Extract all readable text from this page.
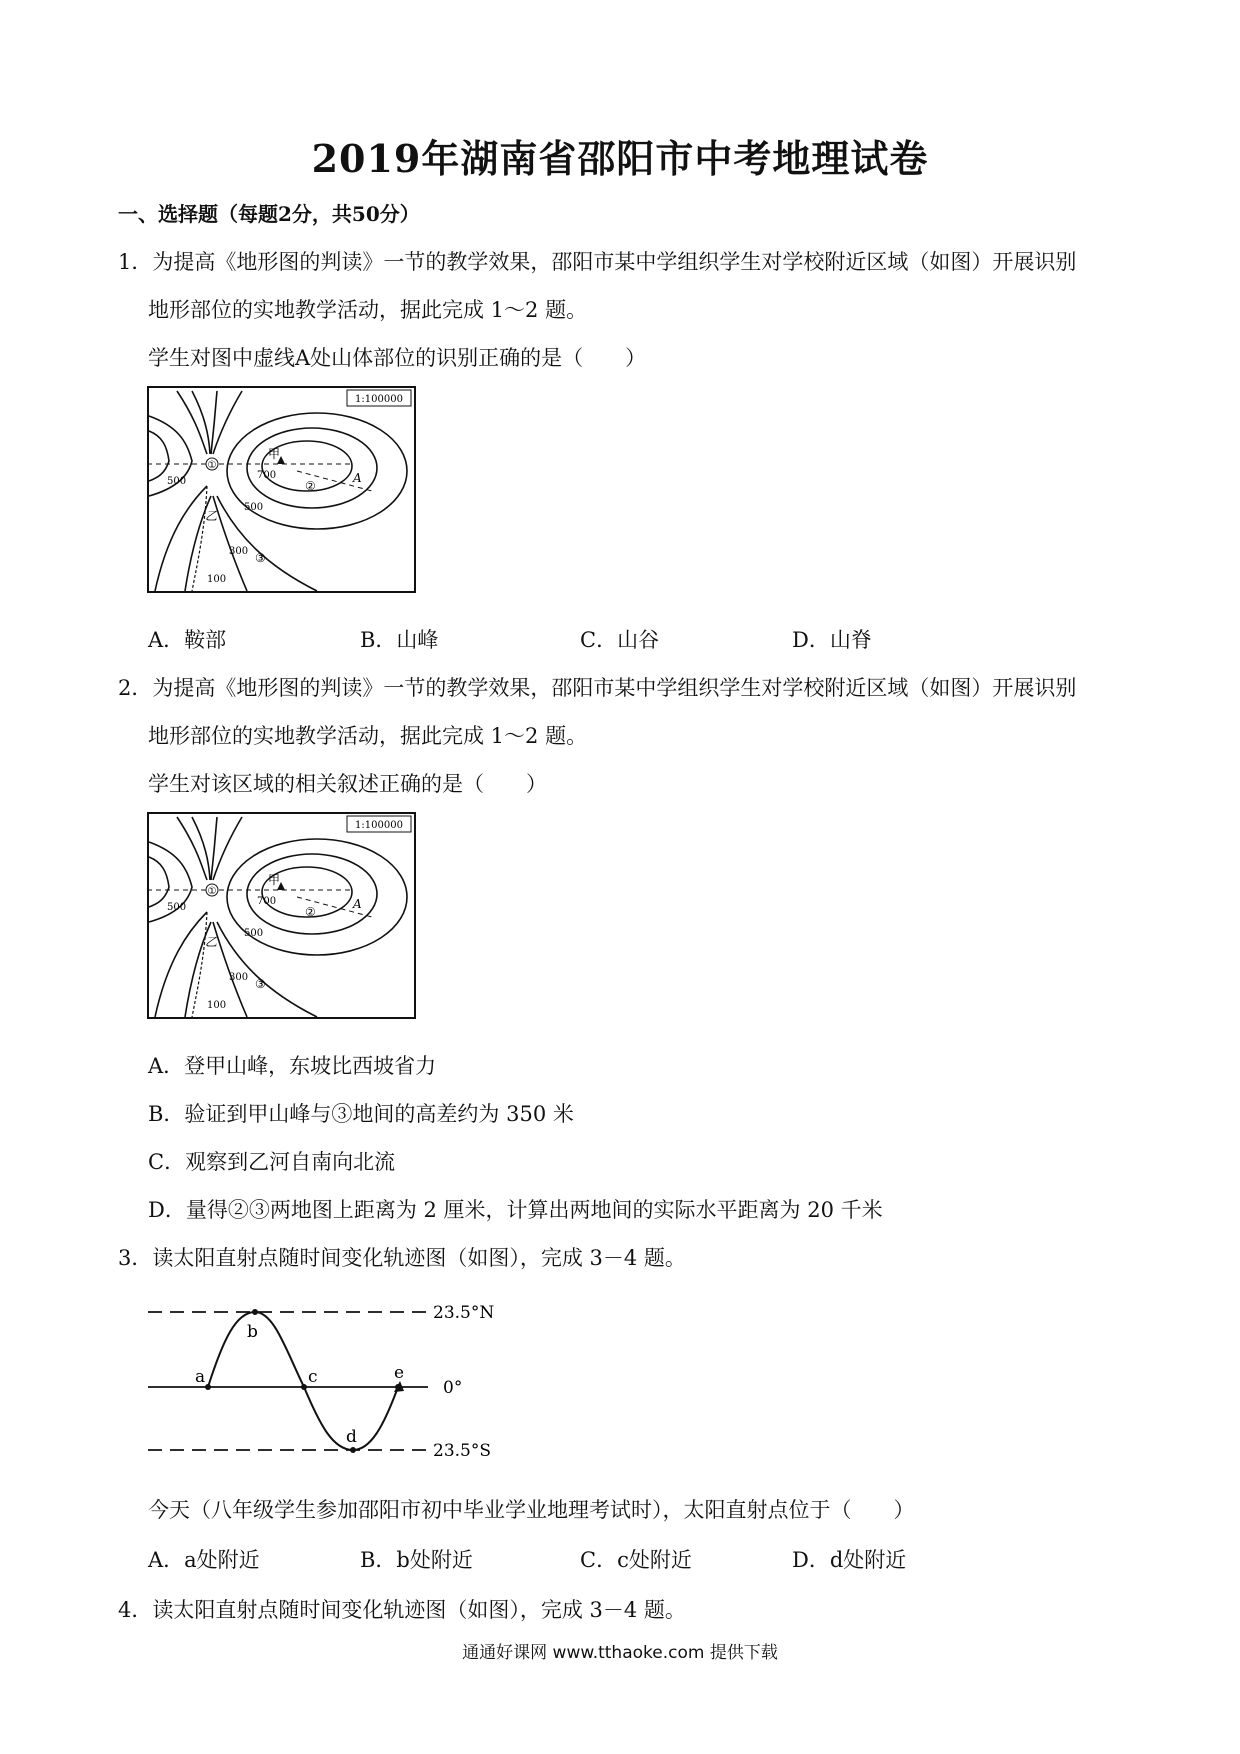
2019年湖南省邵阳市中考地理试卷
一、选择题（每题2分，共50分）
1．为提高《地形图的判读》一节的教学效果，邵阳市某中学组织学生对学校附近区域（如图）开展识别
地形部位的实地教学活动，据此完成 1～2 题。
学生对图中虚线A处山体部位的识别正确的是（　　）
1:100000
①
甲
700
500
500
300
100
②
③
A
乙
A．鞍部	B．山峰	C．山谷	D．山脊
2．为提高《地形图的判读》一节的教学效果，邵阳市某中学组织学生对学校附近区域（如图）开展识别
地形部位的实地教学活动，据此完成 1～2 题。
学生对该区域的相关叙述正确的是（　　）
1:100000
①
甲
700
500
500
300
100
②
③
A
乙
A．登甲山峰，东坡比西坡省力
B．验证到甲山峰与③地间的高差约为 350 米
C．观察到乙河自南向北流
D．量得②③两地图上距离为 2 厘米，计算出两地间的实际水平距离为 20 千米
3．读太阳直射点随时间变化轨迹图（如图），完成 3－4 题。
23.5°N
0°
23.5°S
a
b
c
d
e
今天（八年级学生参加邵阳市初中毕业学业地理考试时），太阳直射点位于（　　）
A．a处附近	B．b处附近	C．c处附近	D．d处附近
4．读太阳直射点随时间变化轨迹图（如图），完成 3－4 题。
通通好课网 www.tthaoke.com 提供下载
